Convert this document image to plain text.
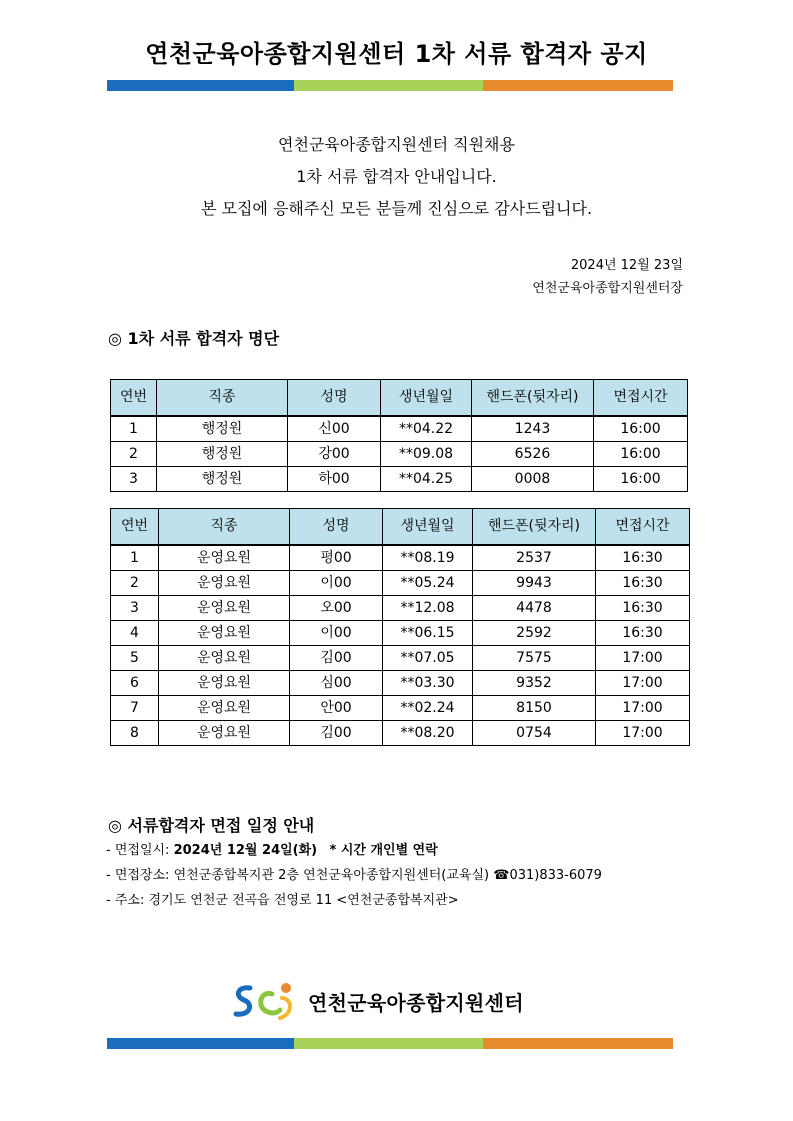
연천군육아종합지원센터 1차 서류 합격자 공지
연천군육아종합지원센터 직원채용
1차 서류 합격자 안내입니다.
본 모집에 응해주신 모든 분들께 진심으로 감사드립니다.
2024년 12월 23일
연천군육아종합지원센터장
◎ 1차 서류 합격자 명단
연번	직종	성명	생년월일	핸드폰(뒷자리)	면접시간
1	행정원	신00	**04.22	1243	16:00
2	행정원	강00	**09.08	6526	16:00
3	행정원	하00	**04.25	0008	16:00
연번	직종	성명	생년월일	핸드폰(뒷자리)	면접시간
1	운영요원	평00	**08.19	2537	16:30
2	운영요원	이00	**05.24	9943	16:30
3	운영요원	오00	**12.08	4478	16:30
4	운영요원	이00	**06.15	2592	16:30
5	운영요원	김00	**07.05	7575	17:00
6	운영요원	심00	**03.30	9352	17:00
7	운영요원	안00	**02.24	8150	17:00
8	운영요원	김00	**08.20	0754	17:00
◎ 서류합격자 면접 일정 안내
- 면접일시: 2024년 12월 24일(화) * 시간 개인별 연락
- 면접장소: 연천군종합복지관 2층 연천군육아종합지원센터(교육실) ☎031)833-6079
- 주소: 경기도 연천군 전곡읍 전영로 11 <연천군종합복지관>
연천군육아종합지원센터
